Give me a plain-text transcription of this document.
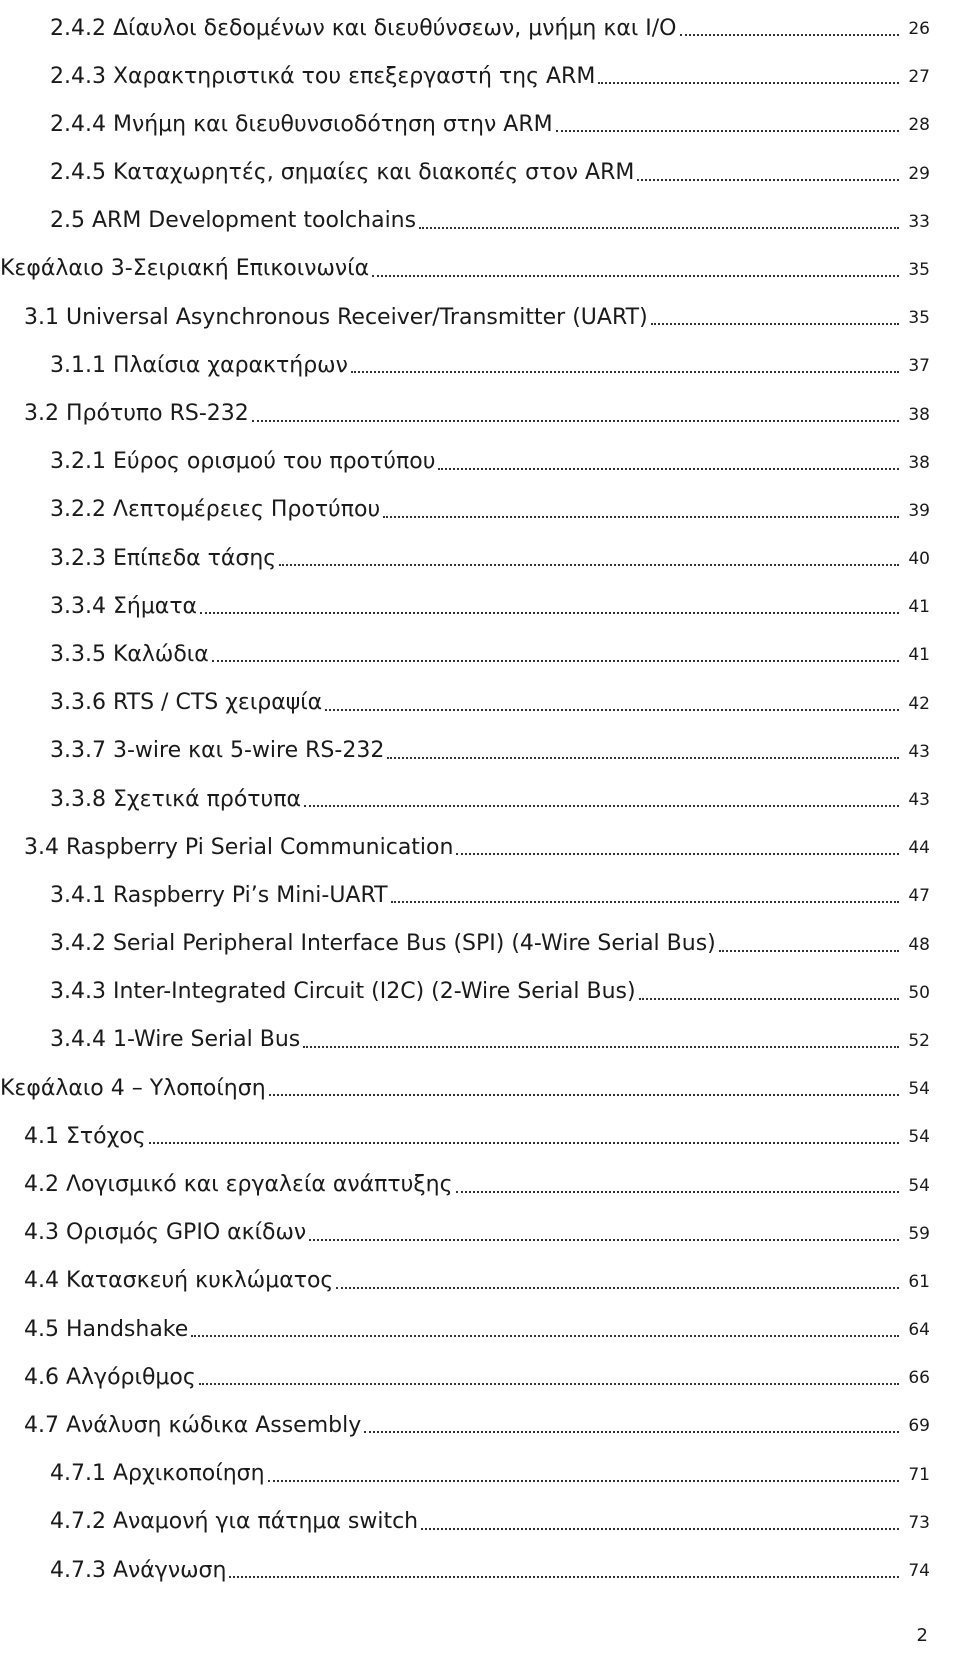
2.4.2 Δίαυλοι δεδομένων και διευθύνσεων, μνήμη και I/O	26
2.4.3 Χαρακτηριστικά του επεξεργαστή της ARM	27
2.4.4 Μνήμη και διευθυνσιοδότηση στην ARM	28
2.4.5 Καταχωρητές, σημαίες και διακοπές στον ARM	29
2.5 ARM Development toolchains	33
Κεφάλαιο 3-Σειριακή Επικοινωνία	35
3.1 Universal Asynchronous Receiver/Transmitter (UART)	35
3.1.1 Πλαίσια χαρακτήρων	37
3.2 Πρότυπο RS-232	38
3.2.1 Εύρος ορισμού του προτύπου	38
3.2.2 Λεπτομέρειες Προτύπου	39
3.2.3 Επίπεδα τάσης	40
3.3.4 Σήματα	41
3.3.5 Καλώδια	41
3.3.6 RTS / CTS χειραψία	42
3.3.7 3-wire και 5-wire RS-232	43
3.3.8 Σχετικά πρότυπα	43
3.4 Raspberry Pi Serial Communication	44
3.4.1 Raspberry Pi’s Mini-UART	47
3.4.2 Serial Peripheral Interface Bus (SPI) (4-Wire Serial Bus)	48
3.4.3 Inter-Integrated Circuit (I2C) (2-Wire Serial Bus)	50
3.4.4 1-Wire Serial Bus	52
Κεφάλαιο 4 – Υλοποίηση	54
4.1 Στόχος	54
4.2 Λογισμικό και εργαλεία ανάπτυξης	54
4.3 Ορισμός GPIO ακίδων	59
4.4 Κατασκευή κυκλώματος	61
4.5 Handshake	64
4.6 Αλγόριθμος	66
4.7 Ανάλυση κώδικα Assembly	69
4.7.1 Αρχικοποίηση	71
4.7.2 Αναμονή για πάτημα switch	73
4.7.3 Ανάγνωση	74
2
